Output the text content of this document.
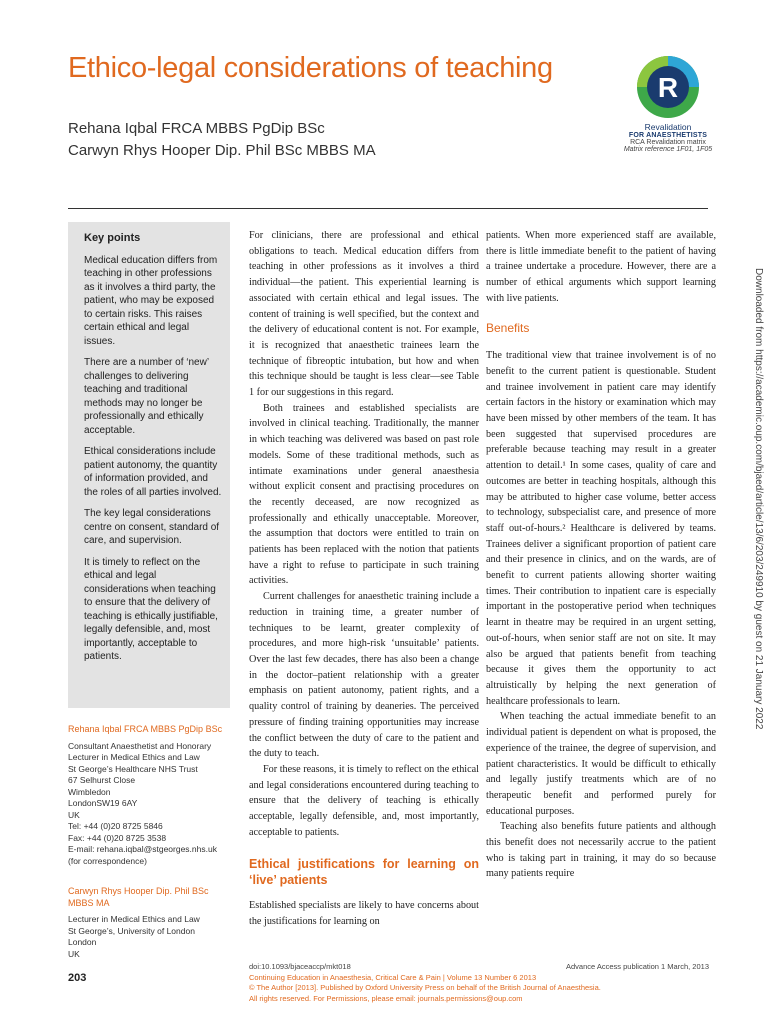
Ethico-legal considerations of teaching
Rehana Iqbal FRCA MBBS PgDip BSc
Carwyn Rhys Hooper Dip. Phil BSc MBBS MA
R
Revalidation
FOR ANAESTHETISTS
RCA Revalidation matrix
Matrix reference 1F01, 1F05
Key points

Medical education differs from teaching in other professions as it involves a third party, the patient, who may be exposed to certain risks. This raises certain ethical and legal issues.

There are a number of ‘new’ challenges to delivering teaching and traditional methods may no longer be professionally and ethically acceptable.

Ethical considerations include patient autonomy, the quantity of information provided, and the roles of all parties involved.

The key legal considerations centre on consent, standard of care, and supervision.

It is timely to reflect on the ethical and legal considerations when teaching to ensure that the delivery of teaching is ethically justifiable, legally defensible, and, most importantly, acceptable to patients.

Rehana Iqbal FRCA MBBS PgDip BSc
Consultant Anaesthetist and Honorary
Lecturer in Medical Ethics and Law
St George’s Healthcare NHS Trust
67 Selhurst Close
Wimbledon
LondonSW19 6AY
UK
Tel: +44 (0)20 8725 5846
Fax: +44 (0)20 8725 3538
E-mail: rehana.iqbal@stgeorges.nhs.uk
(for correspondence)
Carwyn Rhys Hooper Dip. Phil BSc MBBS MA
Lecturer in Medical Ethics and Law
St George’s, University of London
London
UK

For clinicians, there are professional and ethical obligations to teach. Medical education differs from teaching in other professions as it involves a third individual—the patient. This experiential learning is associated with certain ethical and legal issues. The content of training is well specified, but the context and the delivery of educational content is not. For example, it is recognized that anaesthetic trainees learn the technique of fibreoptic intubation, but how and when this technique should be taught is less clear—see Table 1 for our suggestions in this regard.

Both trainees and established specialists are involved in clinical teaching. Traditionally, the manner in which teaching was delivered was based on past role models. Some of these traditional methods, such as intimate examinations under general anaesthesia without explicit consent and practising procedures on the recently deceased, are now recognized as professionally and ethically unacceptable. Moreover, the assumption that doctors were entitled to train on patients has been replaced with the notion that patients have a right to refuse to participate in such training activities.

Current challenges for anaesthetic training include a reduction in training time, a greater number of techniques to be learnt, greater complexity of procedures, and more high-risk ‘unsuitable’ patients. Over the last few decades, there has also been a change in the doctor–patient relationship with a greater emphasis on patient autonomy, patient rights, and a quality control of training by deaneries. The perceived pressure of finding training opportunities may increase the conflict between the duty of care to the patient and the duty to teach.

For these reasons, it is timely to reflect on the ethical and legal considerations encountered during teaching to ensure that the delivery of teaching is ethically acceptable, legally defensible, and, most importantly, acceptable to patients.

Ethical justifications for learning on ‘live’ patients

Established specialists are likely to have concerns about the justifications for learning on

patients. When more experienced staff are available, there is little immediate benefit to the patient of having a trainee undertake a procedure. However, there are a number of ethical arguments which support learning with live patients.

Benefits

The traditional view that trainee involvement is of no benefit to the current patient is questionable. Student and trainee involvement in patient care may identify certain factors in the history or examination which may have been missed by other members of the team. It has been suggested that supervised procedures are preferable because teaching may result in a greater attention to detail.¹ In some cases, quality of care and outcomes are better in teaching hospitals, although this may be attributed to higher case volume, better access to technology, subspecialist care, and presence of more staff out-of-hours.² Healthcare is delivered by teams. Trainees deliver a significant proportion of patient care and their presence in clinics, and on the wards, are of benefit to current patients allowing shorter waiting times. Their contribution to inpatient care is especially important in the postoperative period when techniques learnt in theatre may be required in an urgent setting, out-of-hours, when senior staff are not on site. It may also be argued that patients benefit from teaching because it gives them the opportunity to act altruistically by helping the next generation of healthcare professionals to learn.

When teaching the actual immediate benefit to an individual patient is dependent on what is proposed, the experience of the trainee, the degree of supervision, and patient characteristics. It would be difficult to ethically and legally justify treatments which are of no therapeutic benefit and performed purely for educational purposes.

Teaching also benefits future patients and although this benefit does not necessarily accrue to the patient who is taking part in training, it may do so because many patients require

203
doi:10.1093/bjaceaccp/mkt018	Advance Access publication 1 March, 2013
Continuing Education in Anaesthesia, Critical Care & Pain | Volume 13 Number 6 2013
© The Author [2013]. Published by Oxford University Press on behalf of the British Journal of Anaesthesia.
All rights reserved. For Permissions, please email: journals.permissions@oup.com
Downloaded from https://academic.oup.com/bjaed/article/13/6/203/249910 by guest on 21 January 2022
